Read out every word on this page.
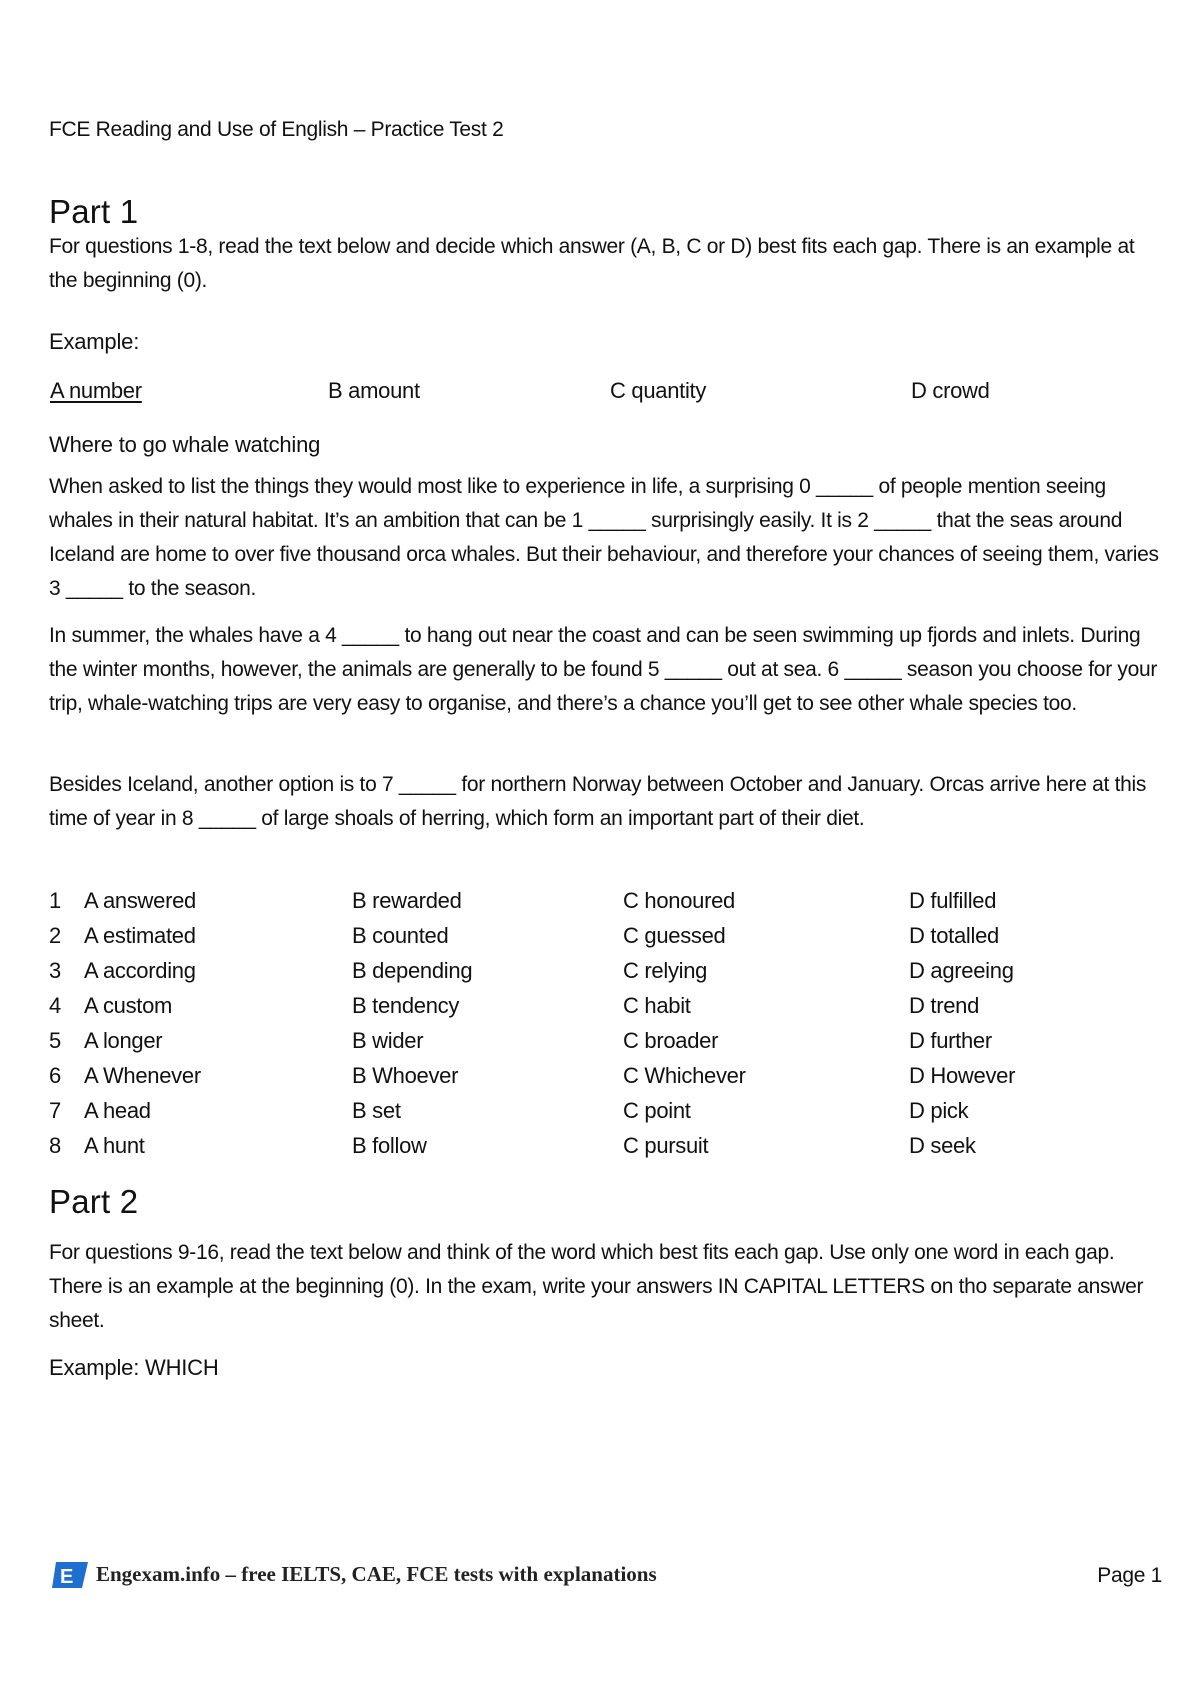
FCE Reading and Use of English – Practice Test 2
Part 1

For questions 1-8, read the text below and decide which answer (A, B, C or D) best fits each gap. There is an example at the beginning (0).

Example:
A number	B amount	C quantity	D crowd
Where to go whale watching

When asked to list the things they would most like to experience in life, a surprising 0 _____ of people mention seeing whales in their natural habitat. It’s an ambition that can be 1 _____ surprisingly easily. It is 2 _____ that the seas around Iceland are home to over five thousand orca whales. But their behaviour, and therefore your chances of seeing them, varies 3 _____ to the season.

In summer, the whales have a 4 _____ to hang out near the coast and can be seen swimming up fjords and inlets. During the winter months, however, the animals are generally to be found 5 _____ out at sea. 6 _____ season you choose for your trip, whale-watching trips are very easy to organise, and there’s a chance you’ll get to see other whale species too.

Besides Iceland, another option is to 7 _____ for northern Norway between October and January. Orcas arrive here at this time of year in 8 _____ of large shoals of herring, which form an important part of their diet.

1 A answered	B rewarded	C honoured	D fulfilled
2 A estimated	B counted	C guessed	D totalled
3 A according	B depending	C relying	D agreeing
4 A custom	B tendency	C habit	D trend
5 A longer	B wider	C broader	D further
6 A Whenever	B Whoever	C Whichever	D However
7 A head	B set	C point	D pick
8 A hunt	B follow	C pursuit	D seek
Part 2

For questions 9-16, read the text below and think of the word which best fits each gap. Use only one word in each gap. There is an example at the beginning (0). In the exam, write your answers IN CAPITAL LETTERS on tho separate answer sheet.

Example: WHICH
E Engexam.info – free IELTS, CAE, FCE tests with explanations	Page 1
